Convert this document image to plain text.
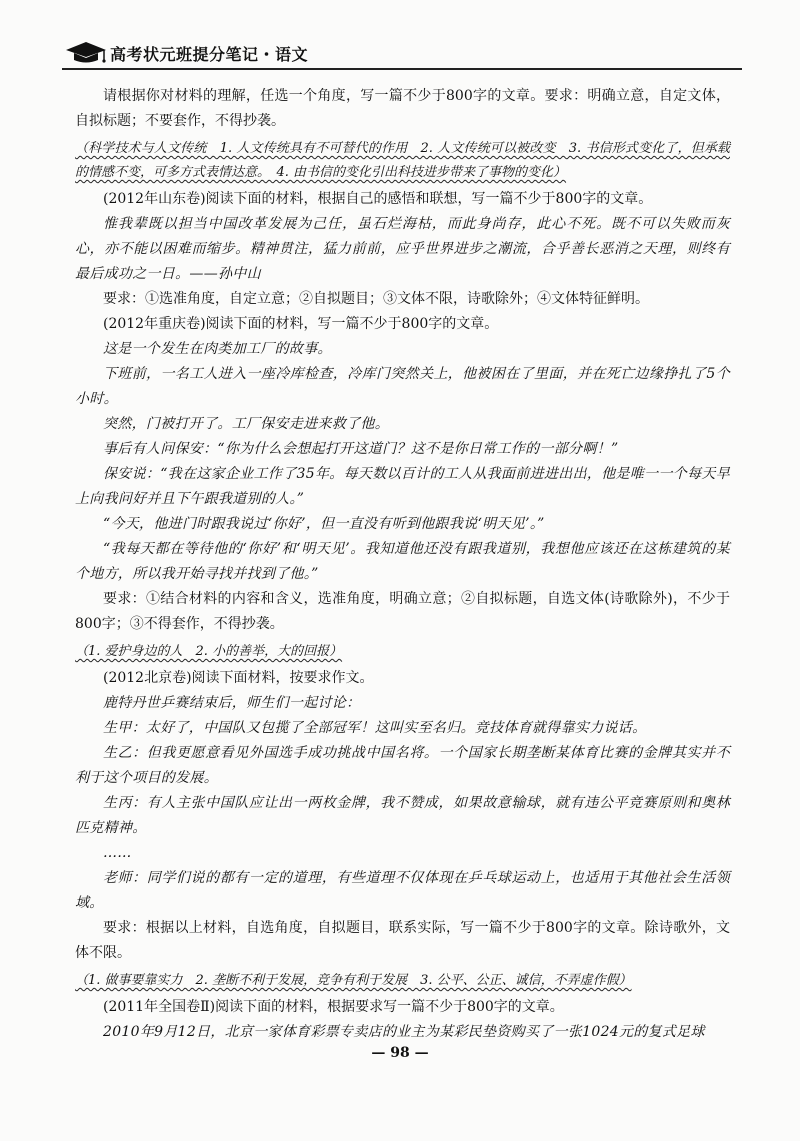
高考状元班提分笔记・语文

请根据你对材料的理解，任选一个角度，写一篇不少于800字的文章。要求：明确立意，自定文体，自拟标题；不要套作，不得抄袭。

（科学技术与人文传统　1. 人文传统具有不可替代的作用　2. 人文传统可以被改变　3. 书信形式变化了，但承载的情感不变，可多方式表情达意。　4. 由书信的变化引出科技进步带来了事物的变化）

(2012年山东卷)阅读下面的材料，根据自己的感悟和联想，写一篇不少于800字的文章。

惟我辈既以担当中国改革发展为己任，虽石烂海枯，而此身尚存，此心不死。既不可以失败而灰心，亦不能以困难而缩步。精神贯注，猛力前前，应乎世界进步之潮流，合乎善长恶消之天理，则终有最后成功之一日。——孙中山

要求：①选准角度，自定立意；②自拟题目；③文体不限，诗歌除外；④文体特征鲜明。

(2012年重庆卷)阅读下面的材料，写一篇不少于800字的文章。

这是一个发生在肉类加工厂的故事。

下班前，一名工人进入一座冷库检查，冷库门突然关上，他被困在了里面，并在死亡边缘挣扎了5个小时。

突然，门被打开了。工厂保安走进来救了他。

事后有人问保安：“你为什么会想起打开这道门？这不是你日常工作的一部分啊！”

保安说：“我在这家企业工作了35年。每天数以百计的工人从我面前进进出出，他是唯一一个每天早上向我问好并且下午跟我道别的人。”

“今天，他进门时跟我说过‘你好’，但一直没有听到他跟我说‘明天见’。”

“我每天都在等待他的‘你好’和‘明天见’。我知道他还没有跟我道别，我想他应该还在这栋建筑的某个地方，所以我开始寻找并找到了他。”

要求：①结合材料的内容和含义，选准角度，明确立意；②自拟标题，自选文体(诗歌除外)，不少于800字；③不得套作，不得抄袭。

（1. 爱护身边的人　2. 小的善举，大的回报）

(2012北京卷)阅读下面材料，按要求作文。

鹿特丹世乒赛结束后，师生们一起讨论：

生甲：太好了，中国队又包揽了全部冠军！这叫实至名归。竞技体育就得靠实力说话。

生乙：但我更愿意看见外国选手成功挑战中国名将。一个国家长期垄断某体育比赛的金牌其实并不利于这个项目的发展。

生丙：有人主张中国队应让出一两枚金牌，我不赞成，如果故意输球，就有违公平竞赛原则和奥林匹克精神。

……

老师：同学们说的都有一定的道理，有些道理不仅体现在乒乓球运动上，也适用于其他社会生活领域。

要求：根据以上材料，自选角度，自拟题目，联系实际，写一篇不少于800字的文章。除诗歌外，文体不限。

（1. 做事要靠实力　2. 垄断不利于发展，竞争有利于发展　3. 公平、公正、诚信，不弄虚作假）

(2011年全国卷Ⅱ)阅读下面的材料，根据要求写一篇不少于800字的文章。

2010年9月12日，北京一家体育彩票专卖店的业主为某彩民垫资购买了一张1024元的复式足球

— 98 —
